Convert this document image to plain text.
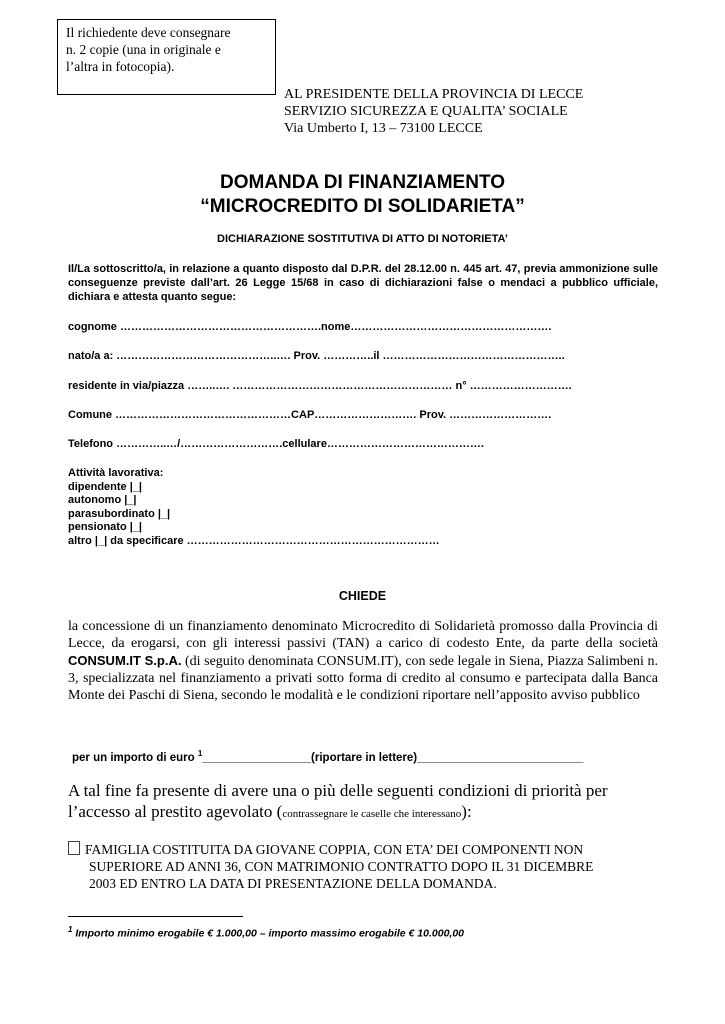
Il richiedente deve consegnare
n. 2 copie (una in originale e
l’altra in fotocopia).
AL PRESIDENTE DELLA PROVINCIA DI LECCE
SERVIZIO SICUREZZA E QUALITA’ SOCIALE
Via Umberto I, 13 – 73100 LECCE
DOMANDA DI FINANZIAMENTO
“MICROCREDITO DI SOLIDARIETA”
DICHIARAZIONE SOSTITUTIVA DI ATTO DI NOTORIETA’
Il/La sottoscritto/a, in relazione a quanto disposto dal D.P.R. del 28.12.00 n. 445 art. 47, previa ammonizione sulle conseguenze previste dall’art. 26 Legge 15/68 in caso di dichiarazioni false o mendaci a pubblico ufficiale, dichiara e attesta quanto segue:
cognome ……………………………………………….nome……………………………………………….
nato/a a: ……………………………………..…. Prov. …………..il …………………………………………..
residente in via/piazza ……..…. …………………………………………………… n° ……………………….
Comune …………………………………………CAP………………………. Prov. ……………………….
Telefono …………..…/……………………….cellulare…………………………………….
Attività lavorativa:
dipendente |_|
autonomo |_|
parasubordinato |_|
pensionato |_|
altro |_| da specificare ……………………………………………………………
CHIEDE
la concessione di un finanziamento denominato Microcredito di Solidarietà promosso dalla Provincia di Lecce, da erogarsi, con gli interessi passivi (TAN) a carico di codesto Ente, da parte della società CONSUM.IT S.p.A. (di seguito denominata CONSUM.IT), con sede legale in Siena, Piazza Salimbeni n. 3, specializzata nel finanziamento a privati sotto forma di credito al consumo e partecipata dalla Banca Monte dei Paschi di Siena, secondo le modalità e le condizioni riportare nell’apposito avviso pubblico
per un importo di euro $^1$_________________(riportare in lettere)__________________________
A tal fine fa presente di avere una o più delle seguenti condizioni di priorità per l’accesso al prestito agevolato (contrassegnare le caselle che interessano):
FAMIGLIA COSTITUITA DA GIOVANE COPPIA, CON ETA’ DEI COMPONENTI NON
SUPERIORE AD ANNI 36, CON MATRIMONIO CONTRATTO DOPO IL 31 DICEMBRE
2003 ED ENTRO LA DATA DI PRESENTAZIONE DELLA DOMANDA.
$^1$ Importo minimo erogabile € 1.000,00 – importo massimo erogabile € 10.000,00
